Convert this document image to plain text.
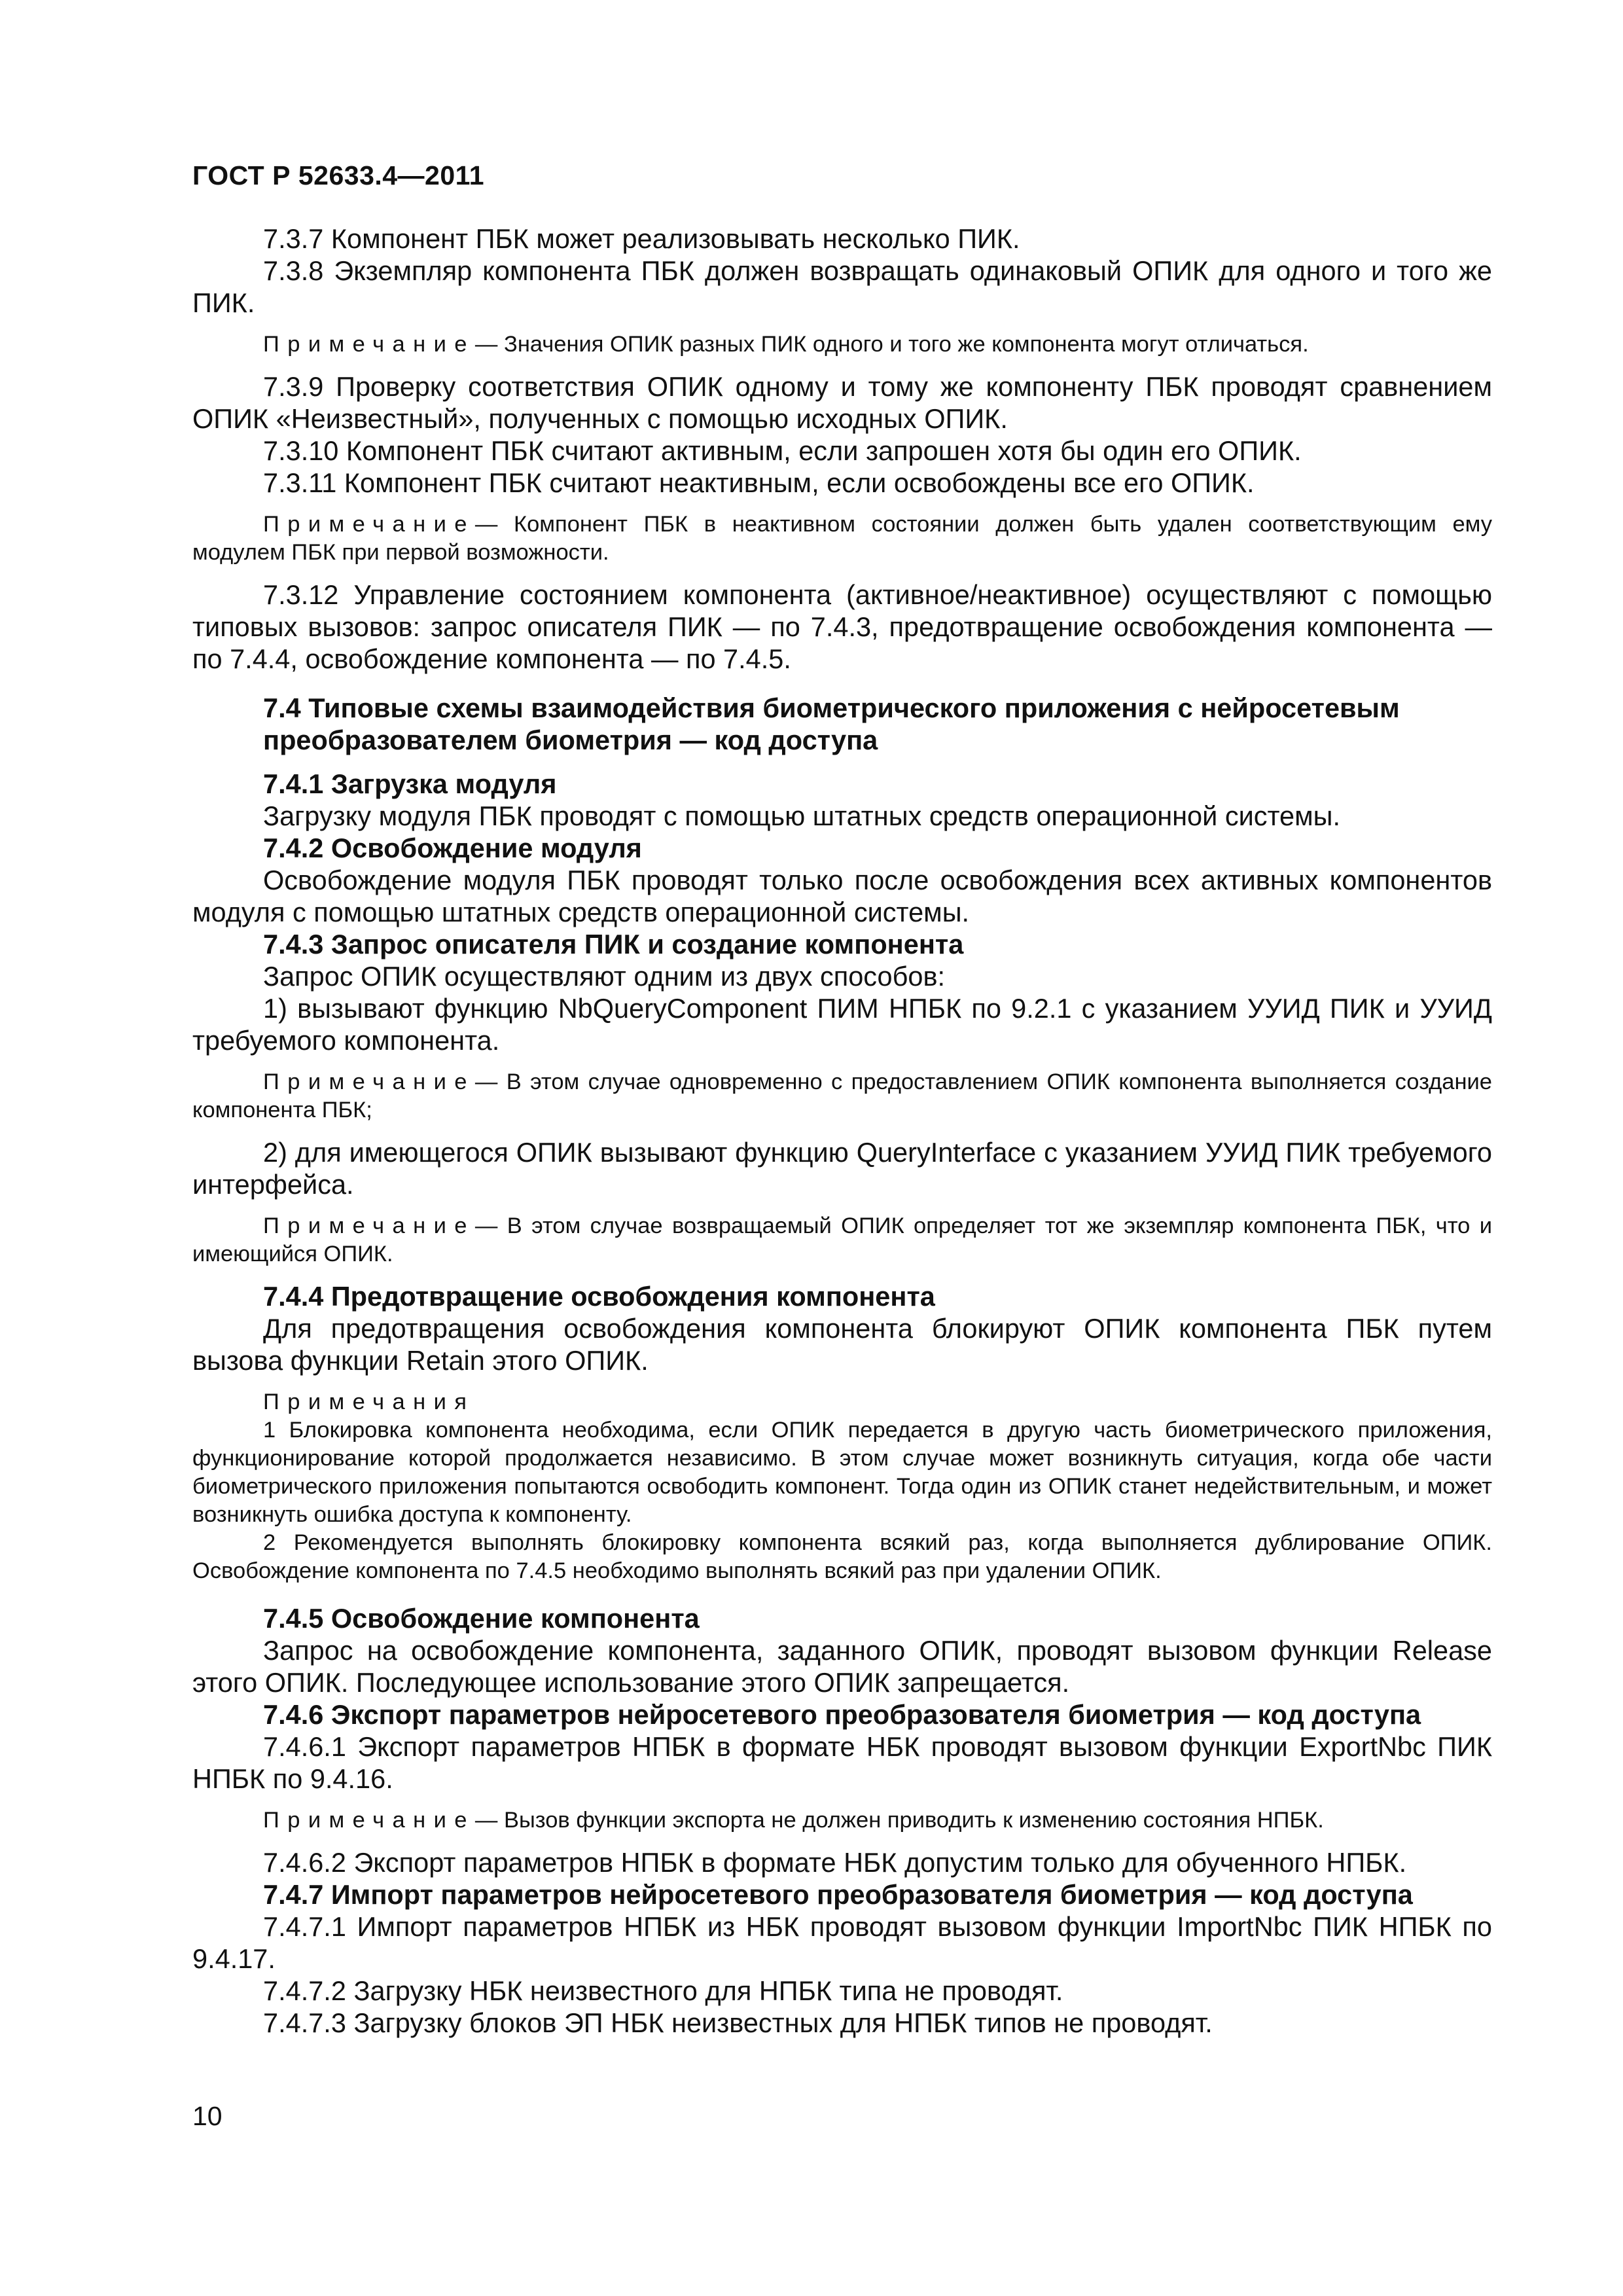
ГОСТ Р 52633.4—2011

7.3.7 Компонент ПБК может реализовывать несколько ПИК.

7.3.8 Экземпляр компонента ПБК должен возвращать одинаковый ОПИК для одного и того же ПИК.

Примечание— Значения ОПИК разных ПИК одного и того же компонента могут отличаться.

7.3.9 Проверку соответствия ОПИК одному и тому же компоненту ПБК проводят сравнением ОПИК «Неизвестный», полученных с помощью исходных ОПИК.

7.3.10 Компонент ПБК считают активным, если запрошен хотя бы один его ОПИК.

7.3.11 Компонент ПБК считают неактивным, если освобождены все его ОПИК.

Примечание— Компонент ПБК в неактивном состоянии должен быть удален соответствующим ему модулем ПБК при первой возможности.

7.3.12 Управление состоянием компонента (активное/неактивное) осуществляют с помощью типовых вызовов: запрос описателя ПИК — по 7.4.3, предотвращение освобождения компонента — по 7.4.4, освобождение компонента — по 7.4.5.

7.4 Типовые схемы взаимодействия биометрического приложения с нейросетевым преобразователем биометрия — код доступа

7.4.1 Загрузка модуля

Загрузку модуля ПБК проводят с помощью штатных средств операционной системы.

7.4.2 Освобождение модуля

Освобождение модуля ПБК проводят только после освобождения всех активных компонентов модуля с помощью штатных средств операционной системы.

7.4.3 Запрос описателя ПИК и создание компонента

Запрос ОПИК осуществляют одним из двух способов:

1) вызывают функцию NbQueryComponent ПИМ НПБК по 9.2.1 с указанием УУИД ПИК и УУИД требуемого компонента.

Примечание— В этом случае одновременно с предоставлением ОПИК компонента выполняется создание компонента ПБК;

2) для имеющегося ОПИК вызывают функцию QueryInterface с указанием УУИД ПИК требуемого интерфейса.

Примечание— В этом случае возвращаемый ОПИК определяет тот же экземпляр компонента ПБК, что и имеющийся ОПИК.

7.4.4 Предотвращение освобождения компонента

Для предотвращения освобождения компонента блокируют ОПИК компонента ПБК путем вызова функции Retain этого ОПИК.

Примечания

1 Блокировка компонента необходима, если ОПИК передается в другую часть биометрического приложения, функционирование которой продолжается независимо. В этом случае может возникнуть ситуация, когда обе части биометрического приложения попытаются освободить компонент. Тогда один из ОПИК станет недействительным, и может возникнуть ошибка доступа к компоненту.

2 Рекомендуется выполнять блокировку компонента всякий раз, когда выполняется дублирование ОПИК. Освобождение компонента по 7.4.5 необходимо выполнять всякий раз при удалении ОПИК.

7.4.5 Освобождение компонента

Запрос на освобождение компонента, заданного ОПИК, проводят вызовом функции Release этого ОПИК. Последующее использование этого ОПИК запрещается.

7.4.6 Экспорт параметров нейросетевого преобразователя биометрия — код доступа

7.4.6.1 Экспорт параметров НПБК в формате НБК проводят вызовом функции ExportNbc ПИК НПБК по 9.4.16.

Примечание— Вызов функции экспорта не должен приводить к изменению состояния НПБК.

7.4.6.2 Экспорт параметров НПБК в формате НБК допустим только для обученного НПБК.

7.4.7 Импорт параметров нейросетевого преобразователя биометрия — код доступа

7.4.7.1 Импорт параметров НПБК из НБК проводят вызовом функции ImportNbc ПИК НПБК по 9.4.17.

7.4.7.2 Загрузку НБК неизвестного для НПБК типа не проводят.

7.4.7.3 Загрузку блоков ЭП НБК неизвестных для НПБК типов не проводят.

10
